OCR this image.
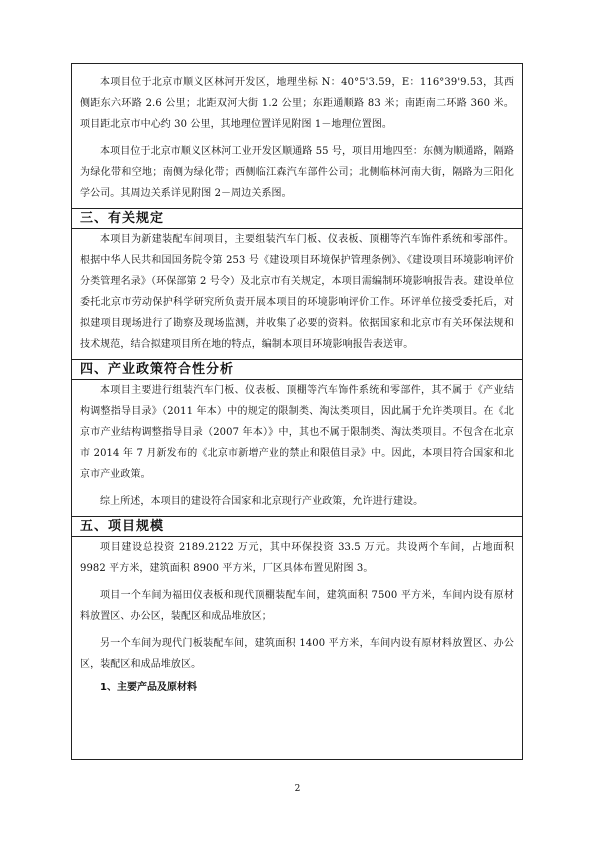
本项目位于北京市顺义区林河开发区，地理坐标 N：40°5'3.59，E：116°39'9.53，其西侧距东六环路 2.6 公里；北距双河大街 1.2 公里；东距通顺路 83 米；南距南二环路 360 米。项目距北京市中心约 30 公里，其地理位置详见附图 1－地理位置图。

本项目位于北京市顺义区林河工业开发区顺通路 55 号，项目用地四至：东侧为顺通路，隔路为绿化带和空地；南侧为绿化带；西侧临江森汽车部件公司；北侧临林河南大街，隔路为三阳化学公司。其周边关系详见附图 2－周边关系图。

三、有关规定

本项目为新建装配车间项目，主要组装汽车门板、仪表板、顶棚等汽车饰件系统和零部件。根据中华人民共和国国务院令第 253 号《建设项目环境保护管理条例》、《建设项目环境影响评价分类管理名录》（环保部第 2 号令）及北京市有关规定，本项目需编制环境影响报告表。建设单位委托北京市劳动保护科学研究所负责开展本项目的环境影响评价工作。环评单位接受委托后，对拟建项目现场进行了勘察及现场监测，并收集了必要的资料。依据国家和北京市有关环保法规和技术规范，结合拟建项目所在地的特点，编制本项目环境影响报告表送审。

四、产业政策符合性分析

本项目主要进行组装汽车门板、仪表板、顶棚等汽车饰件系统和零部件，其不属于《产业结构调整指导目录》（2011 年本）中的规定的限制类、淘汰类项目，因此属于允许类项目。在《北京市产业结构调整指导目录（2007 年本）》中，其也不属于限制类、淘汰类项目。不包含在北京市 2014 年 7 月新发布的《北京市新增产业的禁止和限值目录》中。因此，本项目符合国家和北京市产业政策。

综上所述，本项目的建设符合国家和北京现行产业政策，允许进行建设。

五、项目规模

项目建设总投资 2189.2122 万元，其中环保投资 33.5 万元。共设两个车间，占地面积 9982 平方米，建筑面积 8900 平方米，厂区具体布置见附图 3。

项目一个车间为福田仪表板和现代顶棚装配车间，建筑面积 7500 平方米，车间内设有原材料放置区、办公区，装配区和成品堆放区；

另一个车间为现代门板装配车间，建筑面积 1400 平方米，车间内设有原材料放置区、办公区，装配区和成品堆放区。

1、主要产品及原材料
2
